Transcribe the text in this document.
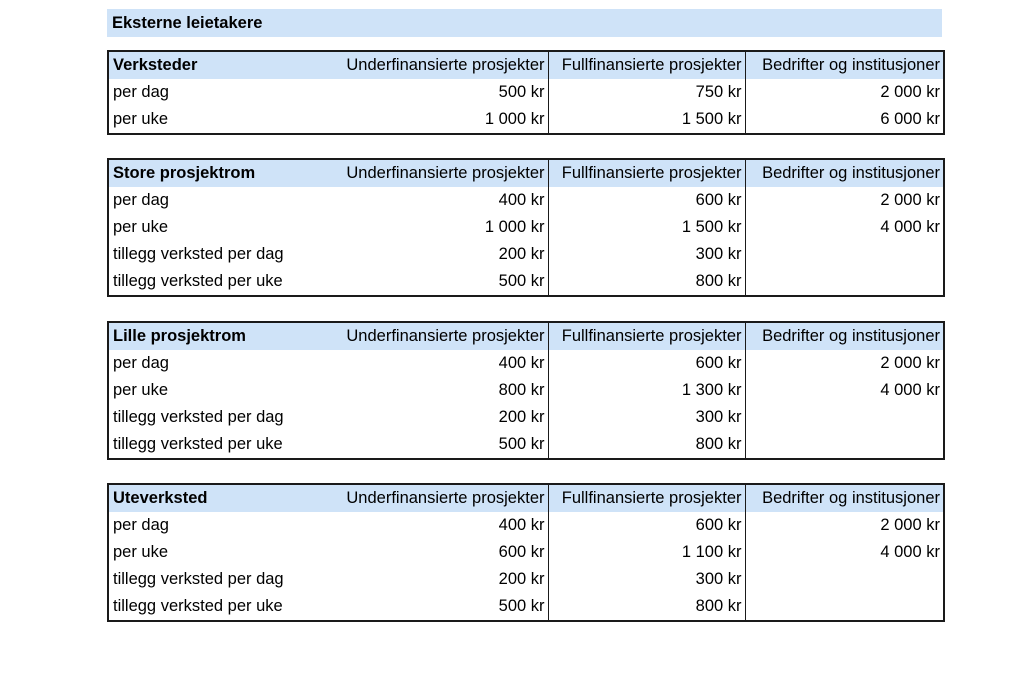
Eksterne leietakere
Verksteder	Underfinansierte prosjekter	Fullfinansierte prosjekter	Bedrifter og institusjoner
per dag	500 kr	750 kr	2 000 kr
per uke	1 000 kr	1 500 kr	6 000 kr
Store prosjektrom	Underfinansierte prosjekter	Fullfinansierte prosjekter	Bedrifter og institusjoner
per dag	400 kr	600 kr	2 000 kr
per uke	1 000 kr	1 500 kr	4 000 kr
tillegg verksted per dag	200 kr	300 kr	
tillegg verksted per uke	500 kr	800 kr	
Lille prosjektrom	Underfinansierte prosjekter	Fullfinansierte prosjekter	Bedrifter og institusjoner
per dag	400 kr	600 kr	2 000 kr
per uke	800 kr	1 300 kr	4 000 kr
tillegg verksted per dag	200 kr	300 kr	
tillegg verksted per uke	500 kr	800 kr	
Uteverksted	Underfinansierte prosjekter	Fullfinansierte prosjekter	Bedrifter og institusjoner
per dag	400 kr	600 kr	2 000 kr
per uke	600 kr	1 100 kr	4 000 kr
tillegg verksted per dag	200 kr	300 kr	
tillegg verksted per uke	500 kr	800 kr	
